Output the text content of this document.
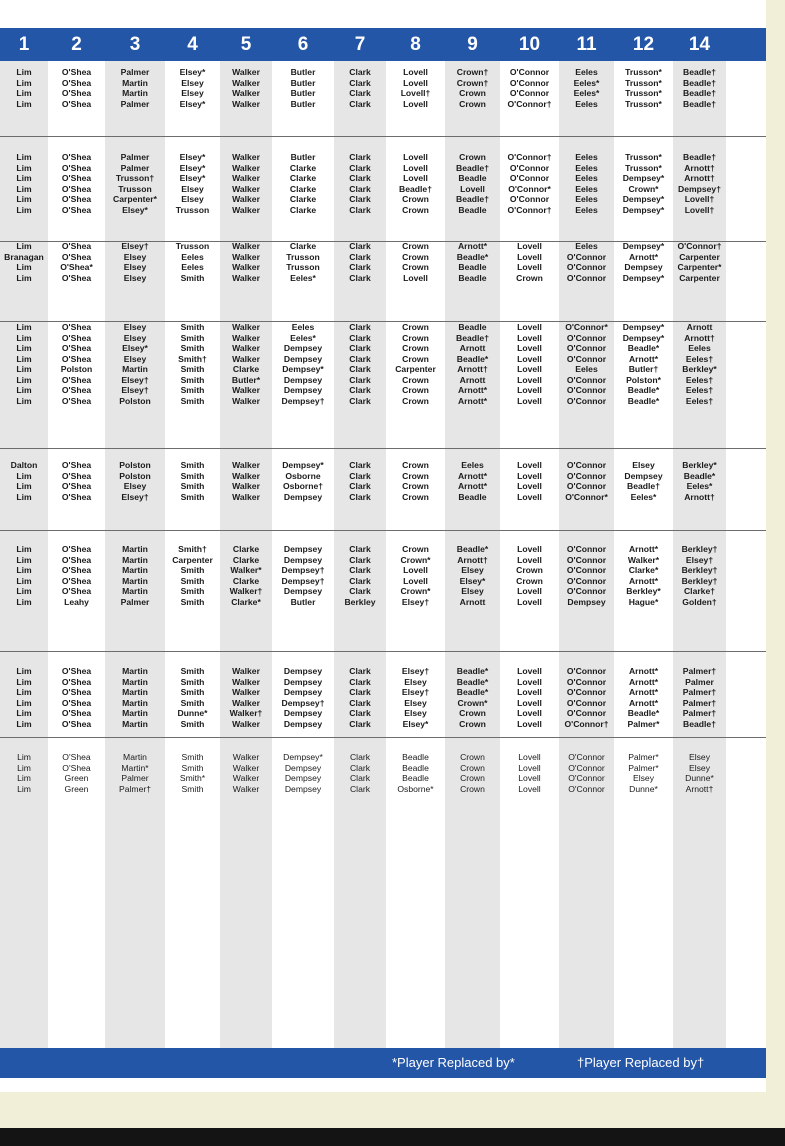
1	2	3	4	5	6	7	8	9	10	11	12	14
Lim	O'Shea	Palmer	Elsey*	Walker	Butler	Clark	Lovell	Crown†	O'Connor	Eeles	Trusson*	Beadle†
Lim	O'Shea	Martin	Elsey	Walker	Butler	Clark	Lovell	Crown†	O'Connor	Eeles*	Trusson*	Beadle†
Lim	O'Shea	Martin	Elsey	Walker	Butler	Clark	Lovell†	Crown	O'Connor	Eeles*	Trusson*	Beadle†
Lim	O'Shea	Palmer	Elsey*	Walker	Butler	Clark	Lovell	Crown	O'Connor†	Eeles	Trusson*	Beadle†
Lim	O'Shea	Palmer	Elsey*	Walker	Butler	Clark	Lovell	Crown	O'Connor†	Eeles	Trusson*	Beadle†
Lim	O'Shea	Palmer	Elsey*	Walker	Clarke	Clark	Lovell	Beadle†	O'Connor	Eeles	Trusson*	Arnott†
Lim	O'Shea	Trusson†	Elsey*	Walker	Clarke	Clark	Lovell	Beadle	O'Connor	Eeles	Dempsey*	Arnott†
Lim	O'Shea	Trusson	Elsey	Walker	Clarke	Clark	Beadle†	Lovell	O'Connor*	Eeles	Crown*	Dempsey†
Lim	O'Shea	Carpenter*	Elsey	Walker	Clarke	Clark	Crown	Beadle†	O'Connor	Eeles	Dempsey*	Lovell†
Lim	O'Shea	Elsey*	Trusson	Walker	Clarke	Clark	Crown	Beadle	O'Connor†	Eeles	Dempsey*	Lovell†
Lim	O'Shea	Elsey†	Trusson	Walker	Clarke	Clark	Crown	Arnott*	Lovell	Eeles	Dempsey*	O'Connor†
Branagan	O'Shea	Elsey	Eeles	Walker	Trusson	Clark	Crown	Beadle*	Lovell	O'Connor	Arnott*	Carpenter
Lim	O'Shea*	Elsey	Eeles	Walker	Trusson	Clark	Crown	Beadle	Lovell	O'Connor	Dempsey	Carpenter*
Lim	O'Shea	Elsey	Smith	Walker	Eeles*	Clark	Lovell	Beadle	Crown	O'Connor	Dempsey*	Carpenter
Lim	O'Shea	Elsey	Smith	Walker	Eeles	Clark	Crown	Beadle	Lovell	O'Connor*	Dempsey*	Arnott
Lim	O'Shea	Elsey	Smith	Walker	Eeles*	Clark	Crown	Beadle†	Lovell	O'Connor	Dempsey*	Arnott†
Lim	O'Shea	Elsey*	Smith	Walker	Dempsey	Clark	Crown	Arnott	Lovell	O'Connor	Beadle*	Eeles
Lim	O'Shea	Elsey	Smith†	Walker	Dempsey	Clark	Crown	Beadle*	Lovell	O'Connor	Arnott*	Eeles†
Lim	Polston	Martin	Smith	Clarke	Dempsey*	Clark	Carpenter	Arnott†	Lovell	Eeles	Butler†	Berkley*
Lim	O'Shea	Elsey†	Smith	Butler*	Dempsey	Clark	Crown	Arnott	Lovell	O'Connor	Polston*	Eeles†
Lim	O'Shea	Elsey†	Smith	Walker	Dempsey	Clark	Crown	Arnott*	Lovell	O'Connor	Beadle*	Eeles†
Lim	O'Shea	Polston	Smith	Walker	Dempsey†	Clark	Crown	Arnott*	Lovell	O'Connor	Beadle*	Eeles†
Dalton	O'Shea	Polston	Smith	Walker	Dempsey*	Clark	Crown	Eeles	Lovell	O'Connor	Elsey	Berkley*
Lim	O'Shea	Polston	Smith	Walker	Osborne	Clark	Crown	Arnott*	Lovell	O'Connor	Dempsey	Beadle*
Lim	O'Shea	Elsey	Smith	Walker	Osborne†	Clark	Crown	Arnott*	Lovell	O'Connor	Beadle†	Eeles*
Lim	O'Shea	Elsey†	Smith	Walker	Dempsey	Clark	Crown	Beadle	Lovell	O'Connor*	Eeles*	Arnott†
Lim	O'Shea	Martin	Smith†	Clarke	Dempsey	Clark	Crown	Beadle*	Lovell	O'Connor	Arnott*	Berkley†
Lim	O'Shea	Martin	Carpenter	Clarke	Dempsey	Clark	Crown*	Arnott†	Lovell	O'Connor	Walker*	Elsey†
Lim	O'Shea	Martin	Smith	Walker*	Dempsey†	Clark	Lovell	Elsey	Crown	O'Connor	Clarke*	Berkley†
Lim	O'Shea	Martin	Smith	Clarke	Dempsey†	Clark	Lovell	Elsey*	Crown	O'Connor	Arnott*	Berkley†
Lim	O'Shea	Martin	Smith	Walker†	Dempsey	Clark	Crown*	Elsey	Lovell	O'Connor	Berkley*	Clarke†
Lim	Leahy	Palmer	Smith	Clarke*	Butler	Berkley	Elsey†	Arnott	Lovell	Dempsey	Hague*	Golden†
Lim	O'Shea	Martin	Smith	Walker	Dempsey	Clark	Elsey†	Beadle*	Lovell	O'Connor	Arnott*	Palmer†
Lim	O'Shea	Martin	Smith	Walker	Dempsey	Clark	Elsey	Beadle*	Lovell	O'Connor	Arnott*	Palmer
Lim	O'Shea	Martin	Smith	Walker	Dempsey	Clark	Elsey†	Beadle*	Lovell	O'Connor	Arnott*	Palmer†
Lim	O'Shea	Martin	Smith	Walker	Dempsey†	Clark	Elsey	Crown*	Lovell	O'Connor	Arnott*	Palmer†
Lim	O'Shea	Martin	Dunne*	Walker†	Dempsey	Clark	Elsey	Crown	Lovell	O'Connor	Beadle*	Palmer†
Lim	O'Shea	Martin	Smith	Walker	Dempsey	Clark	Elsey*	Crown	Lovell	O'Connor†	Palmer*	Beadle†
Lim	O'Shea	Martin	Smith	Walker	Dempsey*	Clark	Beadle	Crown	Lovell	O'Connor	Palmer*	Elsey
Lim	O'Shea	Martin*	Smith	Walker	Dempsey	Clark	Beadle	Crown	Lovell	O'Connor	Palmer*	Elsey
Lim	Green	Palmer	Smith*	Walker	Dempsey	Clark	Beadle	Crown	Lovell	O'Connor	Elsey	Dunne*
Lim	Green	Palmer†	Smith	Walker	Dempsey	Clark	Osborne*	Crown	Lovell	O'Connor	Dunne*	Arnott†
*Player Replaced by*	†Player Replaced by†
